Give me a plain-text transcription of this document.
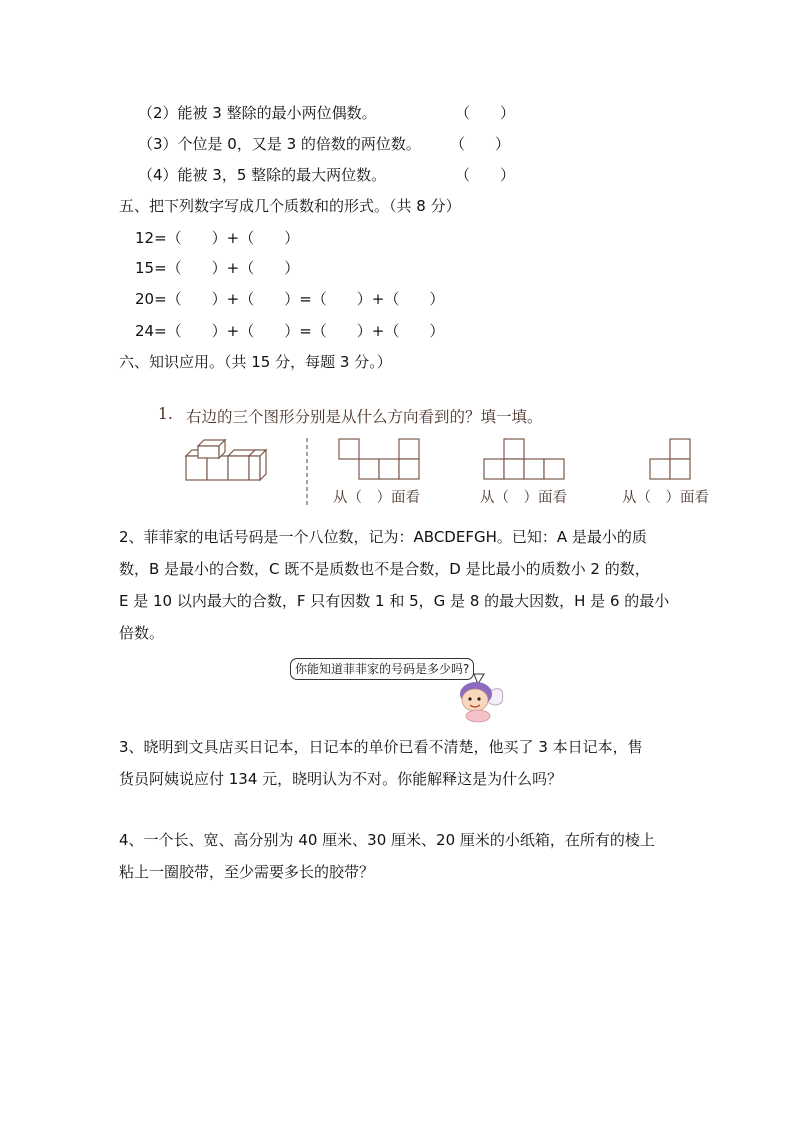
（2）能被 3 整除的最小两位偶数。	（　　）
（3）个位是 0，又是 3 的倍数的两位数。 （　　）
（4）能被 3，5 整除的最大两位数。	（　　）
五、把下列数字写成几个质数和的形式。（共 8 分）
12=（　　）+（　　）
15=（　　）+（　　）
20=（　　）+（　　）=（　　）+（　　）
24=（　　）+（　　）=（　　）+（　　）
六、知识应用。（共 15 分，每题 3 分。）
1. 右边的三个图形分别是从什么方向看到的？填一填。
从（　）面看	从（　）面看	从（　）面看
2、菲菲家的电话号码是一个八位数，记为：ABCDEFGH。已知：A 是最小的质
数，B 是最小的合数，C 既不是质数也不是合数，D 是比最小的质数小 2 的数，
E 是 10 以内最大的合数，F 只有因数 1 和 5，G 是 8 的最大因数，H 是 6 的最小
倍数。
你能知道菲菲家的号码是多少吗?
3、晓明到文具店买日记本，日记本的单价已看不清楚，他买了 3 本日记本，售
货员阿姨说应付 134 元，晓明认为不对。你能解释这是为什么吗？
4、一个长、宽、高分别为 40 厘米、30 厘米、20 厘米的小纸箱，在所有的棱上
粘上一圈胶带，至少需要多长的胶带？
